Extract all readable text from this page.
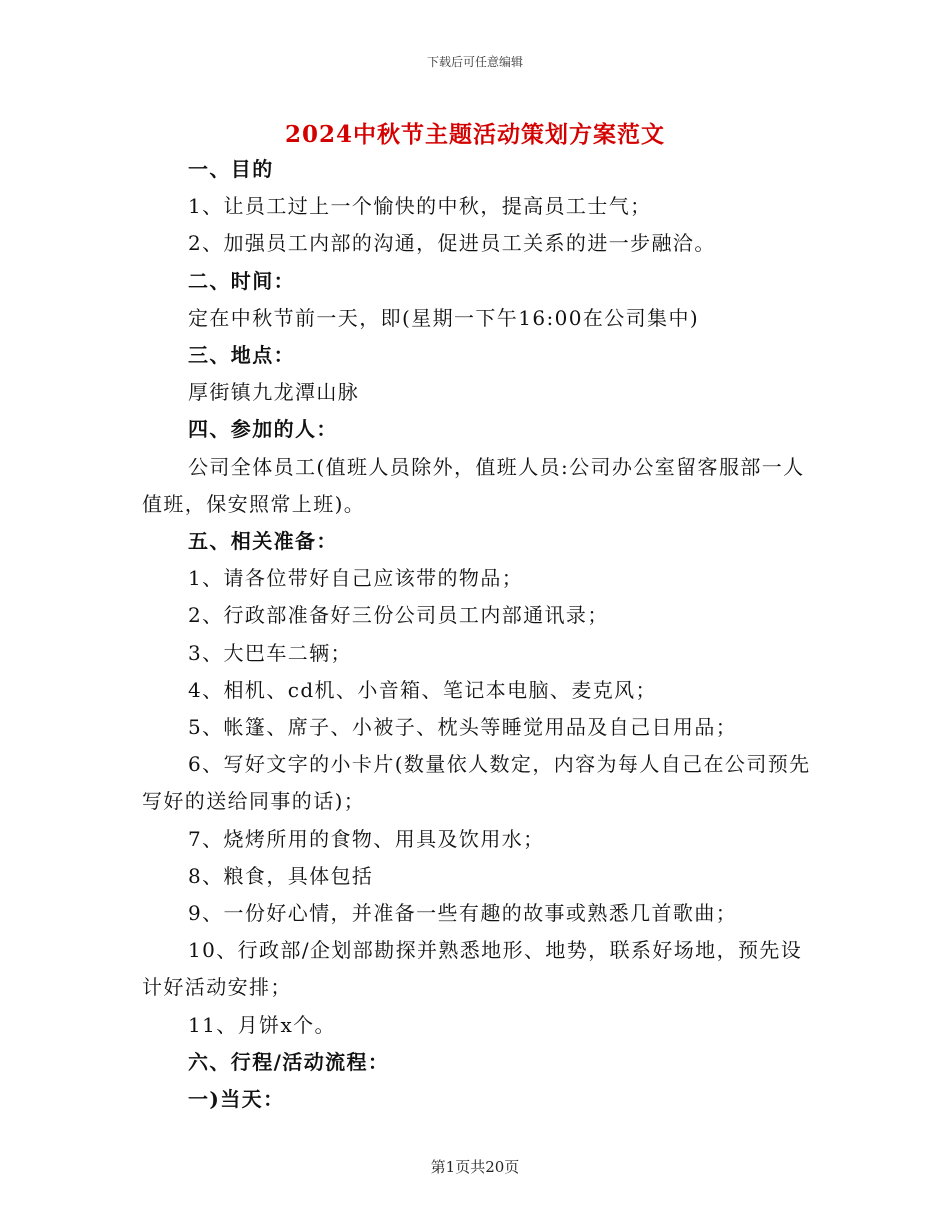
下载后可任意编辑
2024中秋节主题活动策划方案范文

一、目的

1、让员工过上一个愉快的中秋，提高员工士气；

2、加强员工内部的沟通，促进员工关系的进一步融洽。

二、时间：

定在中秋节前一天，即(星期一下午16:00在公司集中)

三、地点：

厚街镇九龙潭山脉

四、参加的人：

公司全体员工(值班人员除外，值班人员:公司办公室留客服部一人值班，保安照常上班)。

五、相关准备：

1、请各位带好自己应该带的物品；

2、行政部准备好三份公司员工内部通讯录；

3、大巴车二辆；

4、相机、cd机、小音箱、笔记本电脑、麦克风；

5、帐篷、席子、小被子、枕头等睡觉用品及自己日用品；

6、写好文字的小卡片(数量依人数定，内容为每人自己在公司预先写好的送给同事的话)；

7、烧烤所用的食物、用具及饮用水；

8、粮食，具体包括

9、一份好心情，并准备一些有趣的故事或熟悉几首歌曲；

10、行政部/企划部勘探并熟悉地形、地势，联系好场地，预先设计好活动安排；

11、月饼x个。

六、行程/活动流程：

一)当天：

第1页共20页
